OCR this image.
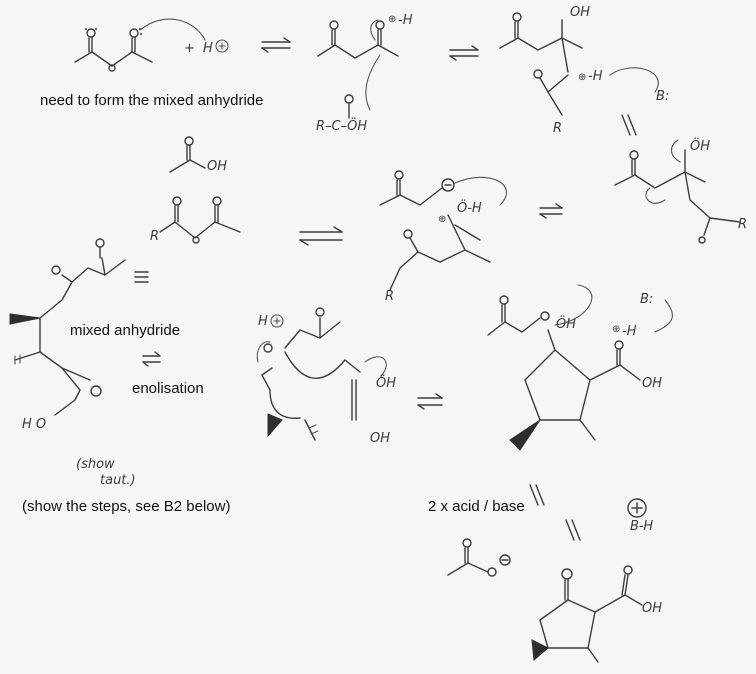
+ H
⊕ -H
R–C–ÖH
OH
⊕ -H
R
B:
OH
⊕
Ö-H
R
ÖH
R
R
H O
(show
taut.)
H
ÖH
OH
ÖH
OH
⊕ -H
B:
B-H
OH
need to form the mixed anhydride
mixed anhydride
enolisation
(show the steps, see B2 below)	2 x acid / base
